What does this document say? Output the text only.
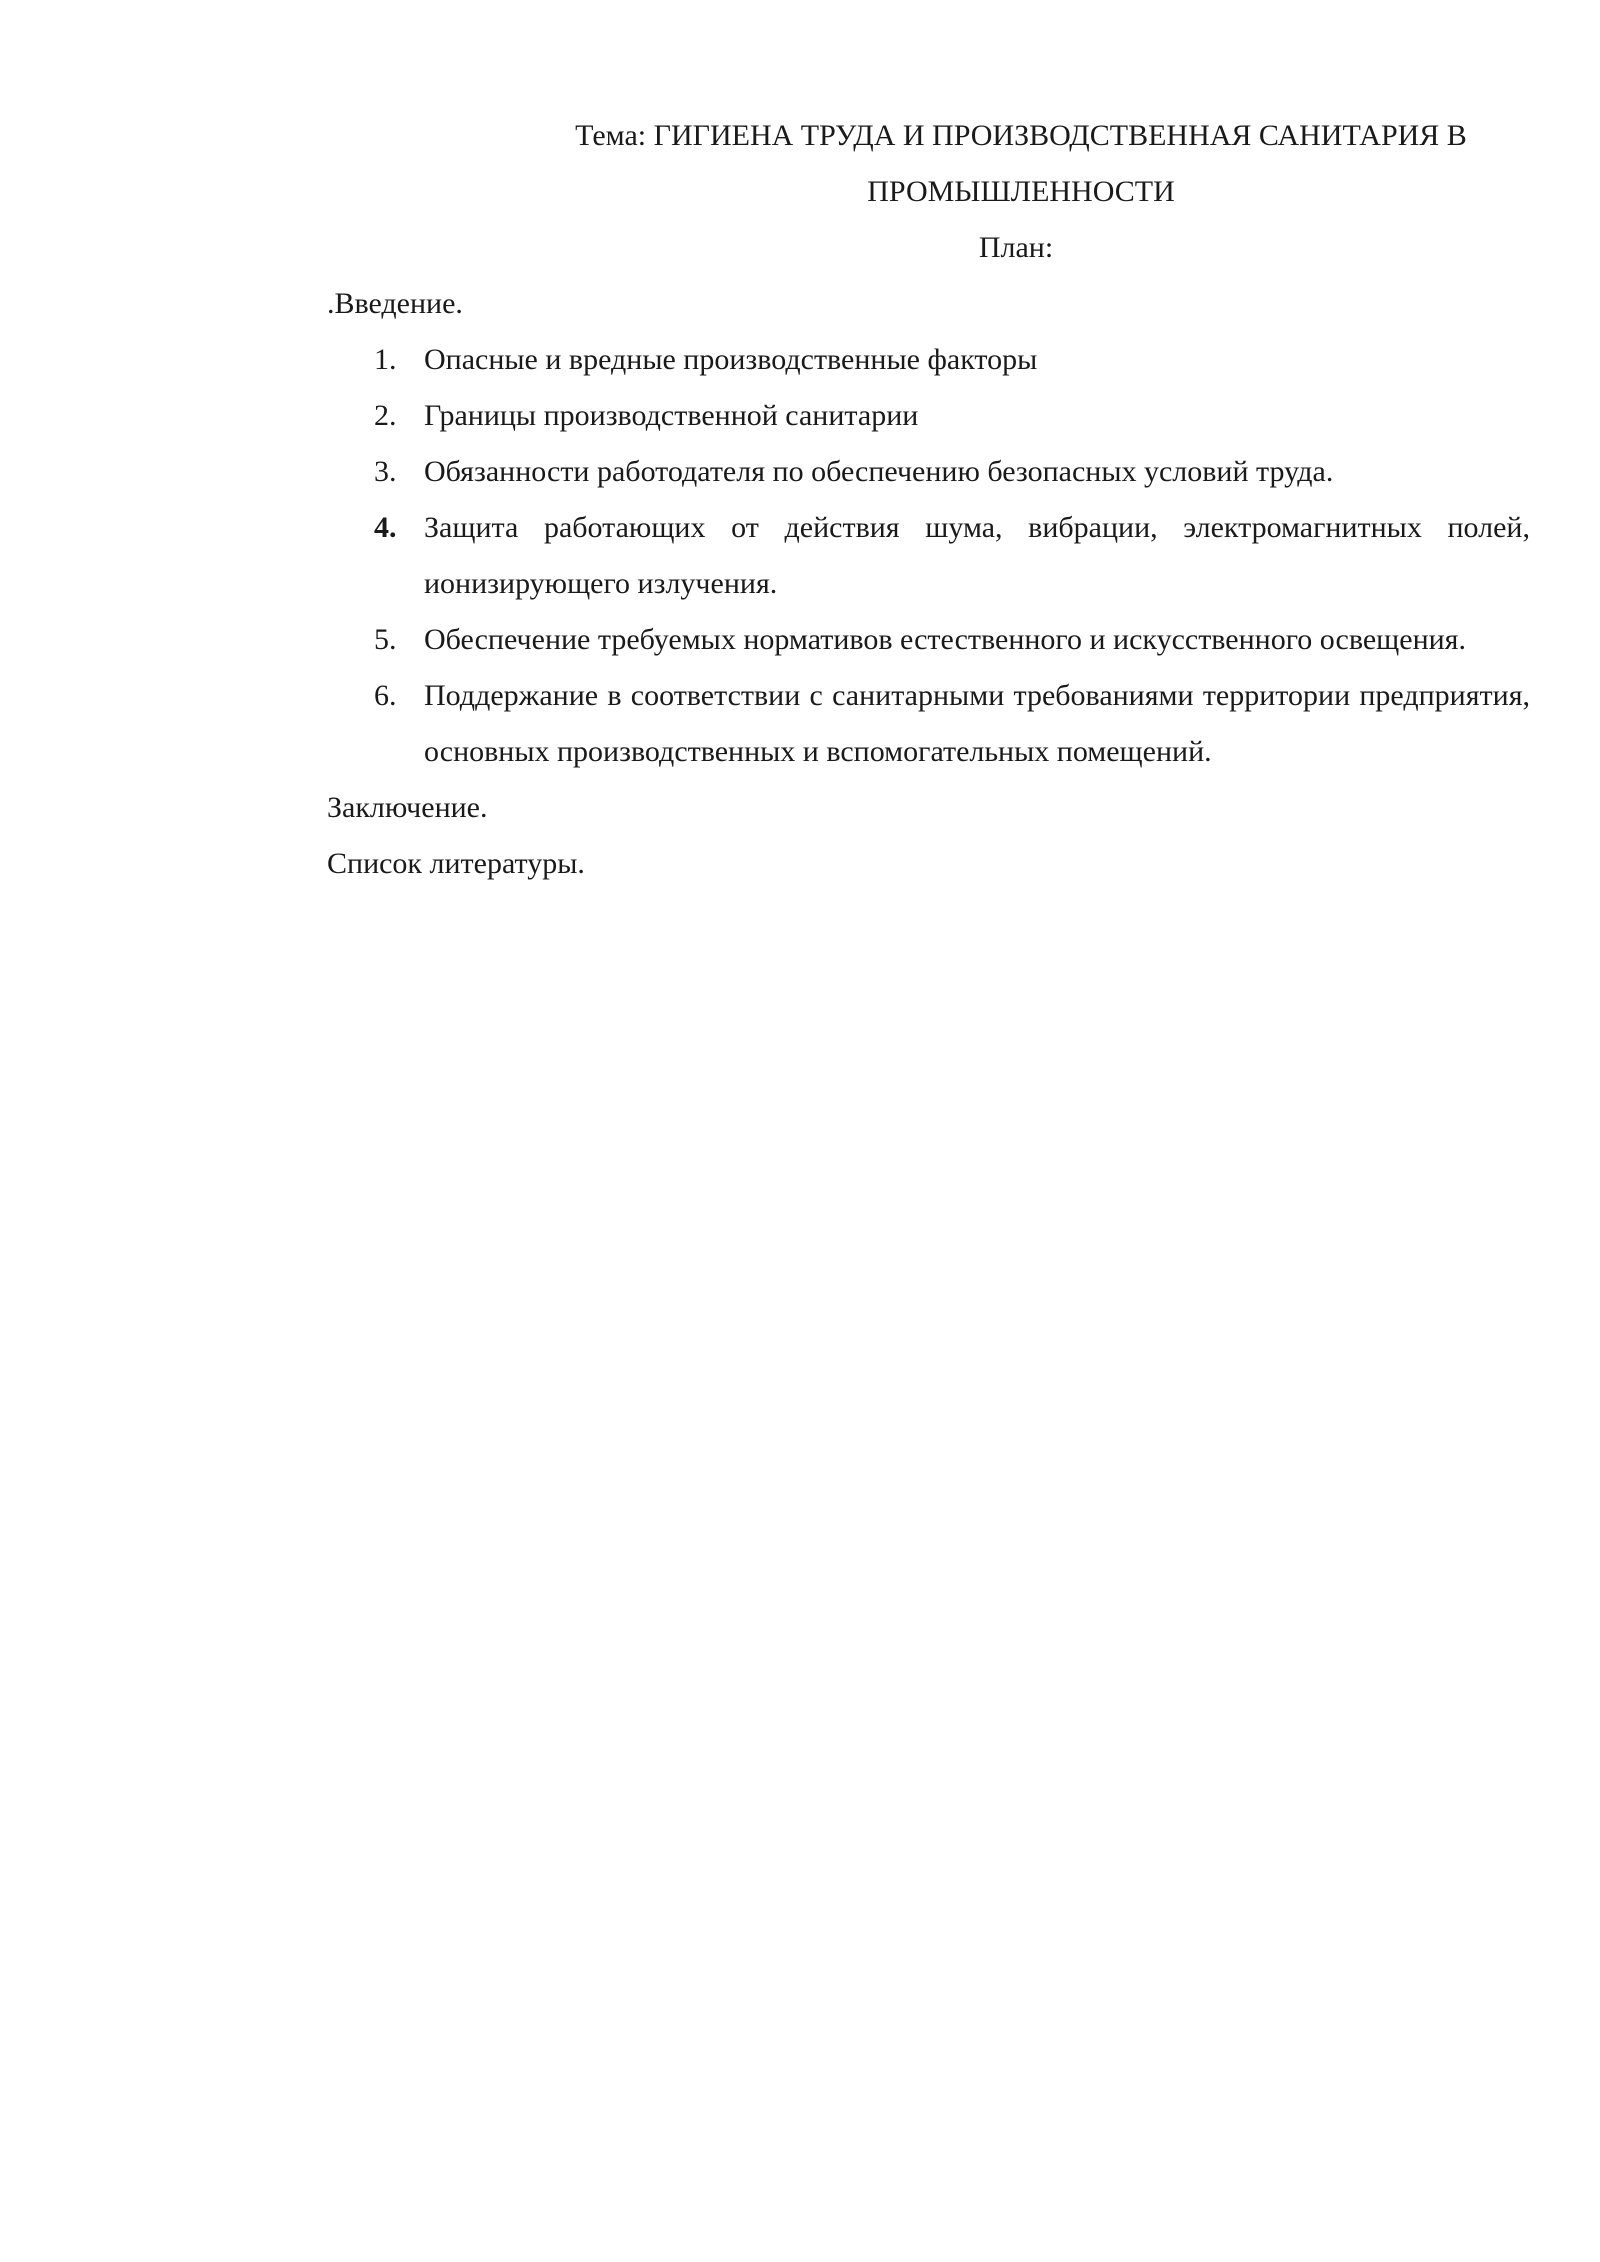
Тема: ГИГИЕНА ТРУДА И ПРОИЗВОДСТВЕННАЯ САНИТАРИЯ В ПРОМЫШЛЕННОСТИ

План:

.Введение.

1. Опасные и вредные производственные факторы
2. Границы производственной санитарии
3. Обязанности работодателя по обеспечению безопасных условий труда.
4. Защита работающих от действия шума, вибрации, электромагнитных полей, ионизирующего излучения.
5. Обеспечение требуемых нормативов естественного и искусственного освещения.
6. Поддержание в соответствии с санитарными требованиями территории предприятия, основных производственных и вспомогательных помещений.

Заключение.

Список литературы.
